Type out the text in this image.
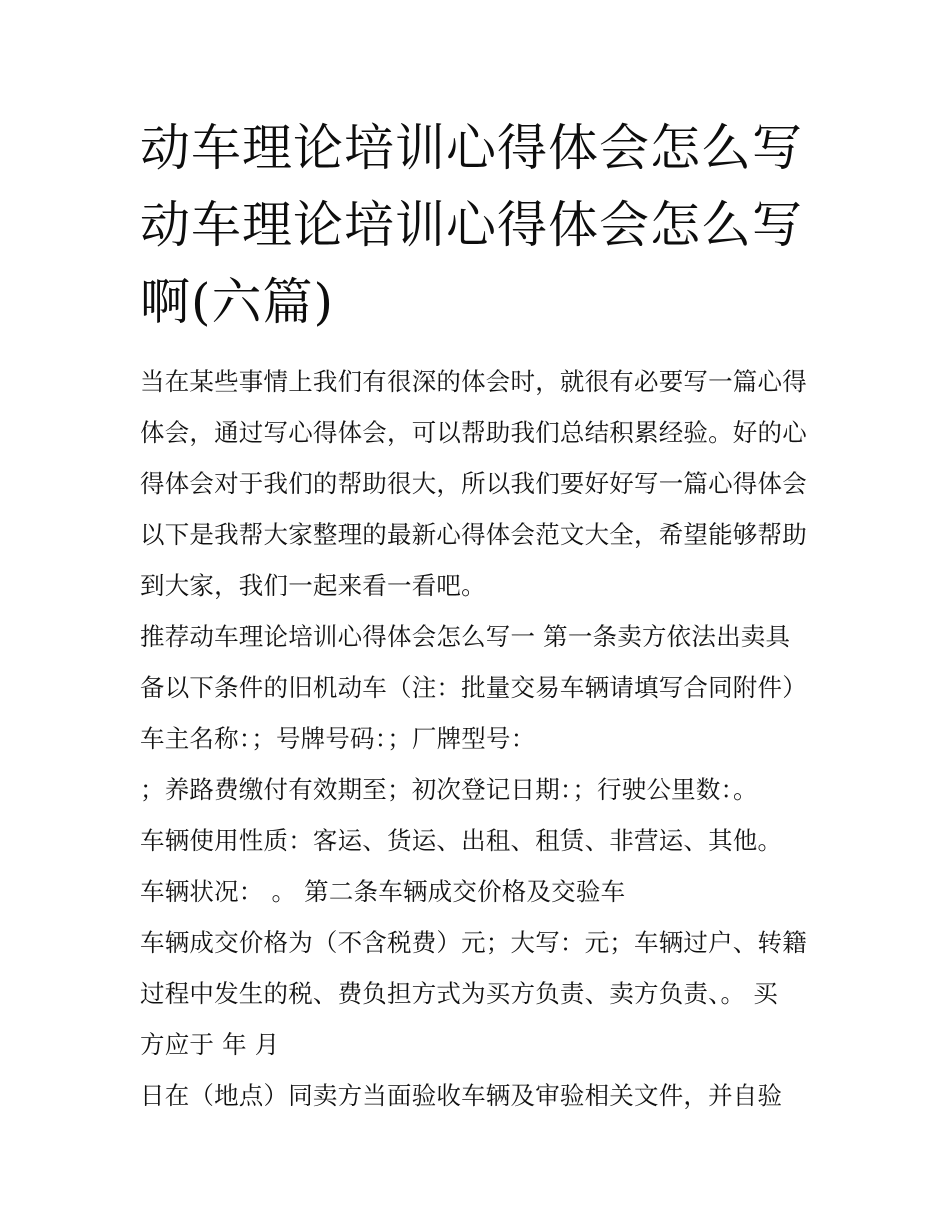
动车理论培训心得体会怎么写
动车理论培训心得体会怎么写
啊(六篇)
当在某些事情上我们有很深的体会时，就很有必要写一篇心得
体会，通过写心得体会，可以帮助我们总结积累经验。好的心
得体会对于我们的帮助很大，所以我们要好好写一篇心得体会
以下是我帮大家整理的最新心得体会范文大全，希望能够帮助
到大家，我们一起来看一看吧。
推荐动车理论培训心得体会怎么写一 第一条卖方依法出卖具
备以下条件的旧机动车（注：批量交易车辆请填写合同附件）
车主名称：；号牌号码：；厂牌型号：
；养路费缴付有效期至；初次登记日期：；行驶公里数：。
车辆使用性质：客运、货运、出租、租赁、非营运、其他。
车辆状况： 。 第二条车辆成交价格及交验车
车辆成交价格为（不含税费）元；大写：元；车辆过户、转籍
过程中发生的税、费负担方式为买方负责、卖方负责、。 买
方应于 年 月
日在（地点）同卖方当面验收车辆及审验相关文件，并自验
